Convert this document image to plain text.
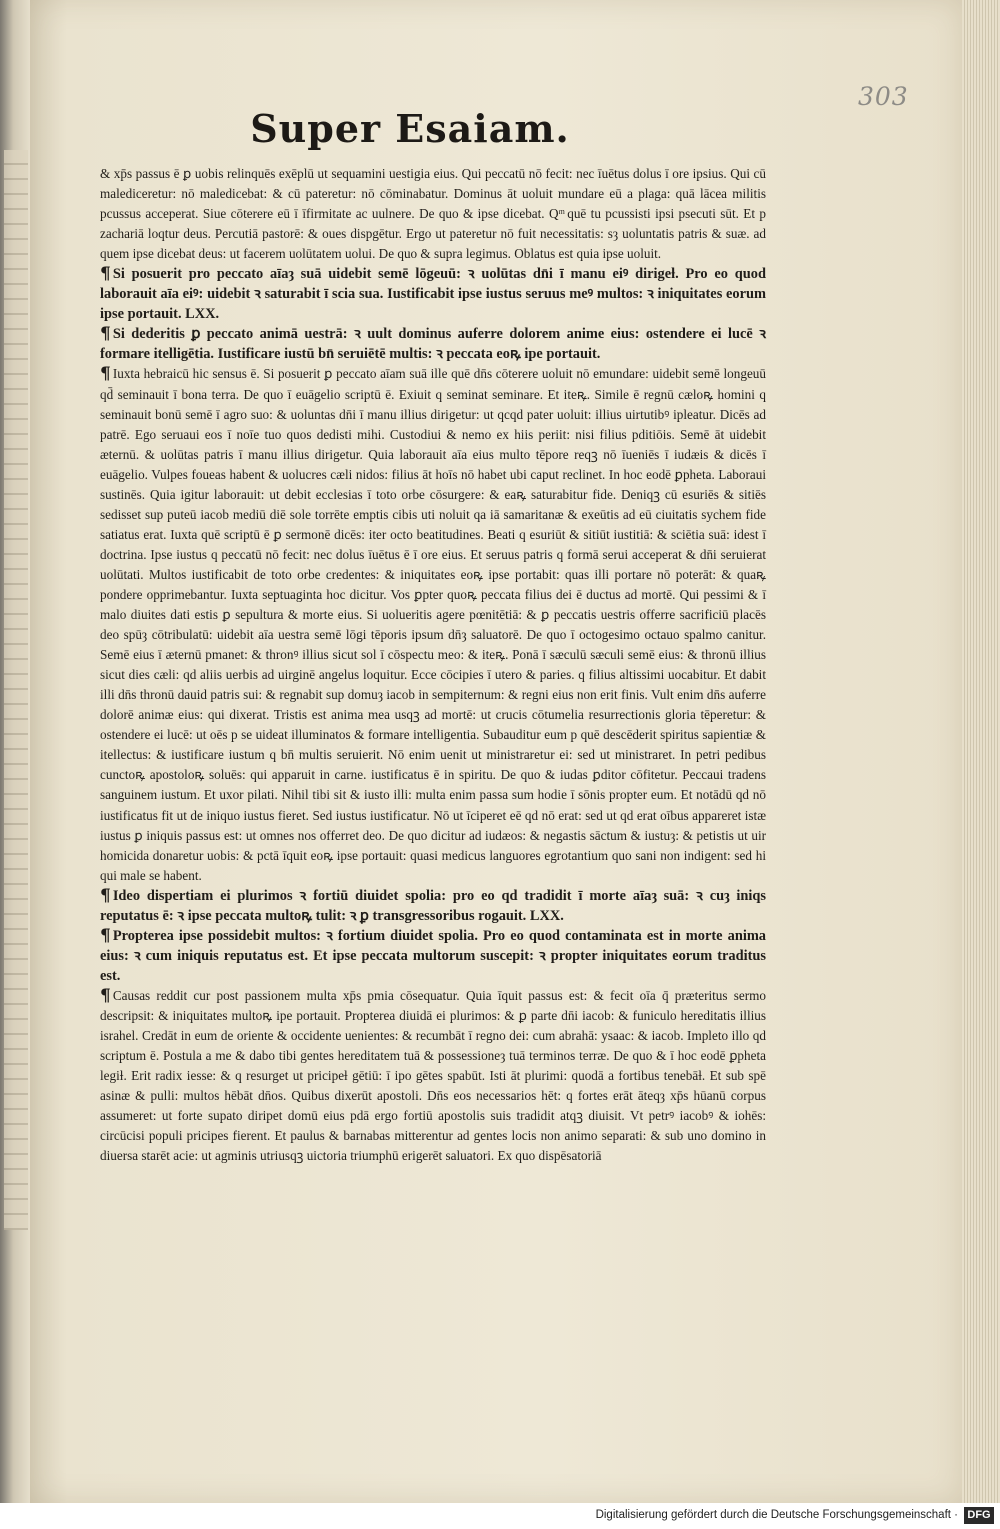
303
Super Esaiam.

& xp̄s passus ē ꝑ uobis relinquēs exēplū ut sequamini uestigia eius. Qui peccatū nō fecit: nec īuētus dolus ī ore ipsius. Qui cū malediceretur: nō maledicebat: & cū pateretur: nō cōminabatur. Dominus āt uoluit mundare eū a plaga: quā lācea militis pcussus acceperat. Siue cōterere eū ī īfirmitate ac uulnere. De quo & ipse dicebat. Q ͫ quē tu pcussisti ipsi psecuti sūt. Et p zachariā loqtur deus. Percutiā pastorē: & oues dispgētur. Ergo ut pateretur nō fuit necessitatis: sȝ uoluntatis patris & suæ. ad quem ipse dicebat deus: ut facerem uolūtatem uolui. De quo & supra legimus. Oblatus est quia ipse uoluit.

¶ Si posuerit pro peccato aīaȝ suā uidebit semē lōgeuū: ꝛ uolūtas dn̄i ī manu eiꝰ dirigeƚ. Pro eo quod laborauit aīa eiꝰ: uidebit ꝛ saturabit ī scia sua. Iustificabit ipse iustus seruus meꝰ multos: ꝛ iniquitates eorum ipse portauit. LXX.

¶ Si dederitis ꝑ peccato animā uestrā: ꝛ uult dominus auferre dolorem anime eius: ostendere ei lucē ꝛ formare itelligētia. Iustificare iustū bn̄ seruiētē multis: ꝛ peccata eoꝶ ipe portauit.

¶ Iuxta hebraicū hic sensus ē. Si posuerit ꝑ peccato aīam suā ille quē dn̄s cōterere uoluit nō emundare: uidebit semē longeuū qd̄ seminauit ī bona terra. De quo ī euāgelio scriptū ē. Exiuit q seminat seminare. Et iteꝶ. Simile ē regnū cæloꝶ homini q seminauit bonū semē ī agro suo: & uoluntas dn̄i ī manu illius dirigetur: ut qcqd pater uoluit: illius uirtutibꝰ ipleatur. Dicēs ad patrē. Ego seruaui eos ī noīe tuo quos dedisti mihi. Custodiui & nemo ex hiis periit: nisi filius pditiōis. Semē āt uidebit æternū. & uolūtas patris ī manu illius dirigetur. Quia laborauit aīa eius multo tēpore reqꝫ nō īueniēs ī iudæis & dicēs ī euāgelio. Vulpes foueas habent & uolucres cæli nidos: filius āt hoīs nō habet ubi caput reclinet. In hoc eodē ꝑpheta. Laboraui sustinēs. Quia igitur laborauit: ut debit ecclesias ī toto orbe cōsurgere: & eaꝶ saturabitur fide. Deniqꝫ cū esuriēs & sitiēs sedisset sup puteū iacob mediū diē sole torrēte emptis cibis uti noluit qa iā samaritanæ & exeūtis ad eū ciuitatis sychem fide satiatus erat. Iuxta quē scriptū ē ꝑ sermonē dicēs: iter octo beatitudines. Beati q esuriūt & sitiūt iustitiā: & sciētia suā: idest ī doctrina. Ipse iustus q peccatū nō fecit: nec dolus īuētus ē ī ore eius. Et seruus patris q formā serui acceperat & dn̄i seruierat uolūtati. Multos iustificabit de toto orbe credentes: & iniquitates eoꝶ ipse portabit: quas illi portare nō poterāt: & quaꝶ pondere opprimebantur. Iuxta septuaginta hoc dicitur. Vos ꝑpter quoꝶ peccata filius dei ē ductus ad mortē. Qui pessimi & ī malo diuites dati estis ꝑ sepultura & morte eius. Si uolueritis agere pœnitētiā: & ꝑ peccatis uestris offerre sacrificiū placēs deo spūȝ cōtribulatū: uidebit aīa uestra semē lōgi tēporis ipsum dn̄ȝ saluatorē. De quo ī octogesimo octauo spalmo canitur. Semē eius ī æternū pmanet: & thronꝰ illius sicut sol ī cōspectu meo: & iteꝶ. Ponā ī sæculū sæculi semē eius: & thronū illius sicut dies cæli: qd aliis uerbis ad uirginē angelus loquitur. Ecce cōcipies ī utero & paries. q filius altissimi uocabitur. Et dabit illi dn̄s thronū dauid patris sui: & regnabit sup domuȝ iacob in sempiternum: & regni eius non erit finis. Vult enim dn̄s auferre dolorē animæ eius: qui dixerat. Tristis est anima mea usqꝫ ad mortē: ut crucis cōtumelia resurrectionis gloria tēperetur: & ostendere ei lucē: ut oēs p se uideat illuminatos & formare intelligentia. Subauditur eum p quē descēderit spiritus sapientiæ & itellectus: & iustificare iustum q bn̄ multis seruierit. Nō enim uenit ut ministraretur ei: sed ut ministraret. In petri pedibus cunctoꝶ apostoloꝶ soluēs: qui apparuit in carne. iustificatus ē in spiritu. De quo & iudas ꝑditor cōfitetur. Peccaui tradens sanguinem iustum. Et uxor pilati. Nihil tibi sit & iusto illi: multa enim passa sum hodie ī sōnis propter eum. Et notādū qd nō iustificatus fit ut de iniquo iustus fieret. Sed iustus iustificatur. Nō ut īciperet eē qd nō erat: sed ut qd erat oībus appareret istæ iustus ꝑ iniquis passus est: ut omnes nos offerret deo. De quo dicitur ad iudæos: & negastis sāctum & iustuȝ: & petistis ut uir homicida donaretur uobis: & pctā īquit eoꝶ ipse portauit: quasi medicus languores egrotantium quo sani non indigent: sed hi qui male se habent.

¶ Ideo dispertiam ei plurimos ꝛ fortiū diuidet spolia: pro eo qd tradidit ī morte aīaȝ suā: ꝛ cuȝ iniqs reputatus ē: ꝛ ipse peccata multoꝶ tulit: ꝛ ꝑ transgressoribus rogauit. LXX.

¶ Propterea ipse possidebit multos: ꝛ fortium diuidet spolia. Pro eo quod contaminata est in morte anima eius: ꝛ cum iniquis reputatus est. Et ipse peccata multorum suscepit: ꝛ propter iniquitates eorum traditus est.

¶ Causas reddit cur post passionem multa xp̄s pmia cōsequatur. Quia īquit passus est: & fecit oīa q̄ præteritus sermo descripsit: & iniquitates multoꝶ ipe portauit. Propterea diuidā ei plurimos: & ꝑ parte dn̄i iacob: & funiculo hereditatis illius israhel. Credāt in eum de oriente & occidente uenientes: & recumbāt ī regno dei: cum abrahā: ysaac: & iacob. Impleto illo qd scriptum ē. Postula a me & dabo tibi gentes hereditatem tuā & possessioneȝ tuā terminos terræ. De quo & ī hoc eodē ꝑpheta legiƚ. Erit radix iesse: & q resurget ut pricipeƚ gētiū: ī ipo gētes spabūt. Isti āt plurimi: quodā a fortibus tenebāƚ. Et sub spē asinæ & pulli: multos hēbāt dn̄os. Quibus dixerūt apostoli. Dn̄s eos necessarios hēt: q fortes erāt āteqȝ xp̄s hūanū corpus assumeret: ut forte supato diripet domū eius pdā ergo fortiū apostolis suis tradidit atqꝫ diuisit. Vt petrꝰ iacobꝰ & iohēs: circūcisi populi pricipes fierent. Et paulus & barnabas mitterentur ad gentes locis non animo separati: & sub uno domino in diuersa starēt acie: ut agminis utriusqꝫ uictoria triumphū erigerēt saluatori. Ex quo dispēsatoriā

Digitalisierung gefördert durch die Deutsche Forschungsgemeinschaft · DFG
